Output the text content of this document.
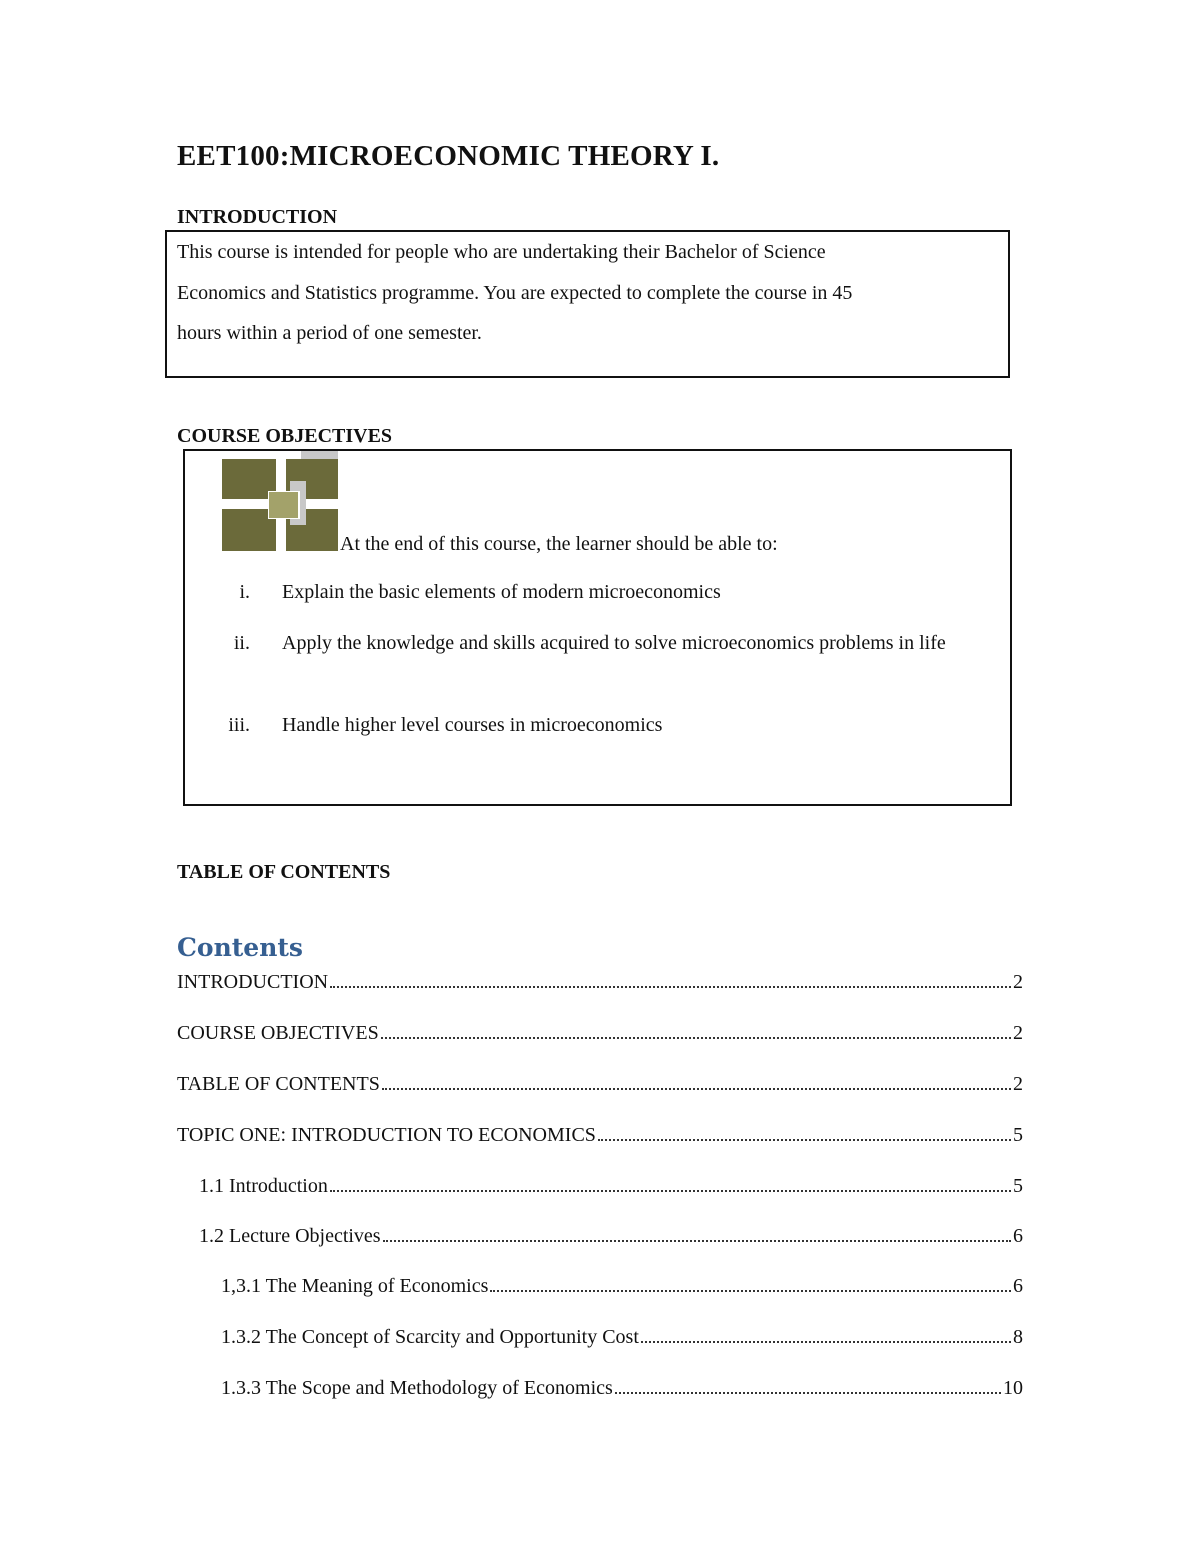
EET100:MICROECONOMIC THEORY I.
INTRODUCTION
This course is intended for people who are undertaking their Bachelor of Science
Economics and Statistics programme. You are expected to complete the course in 45
hours within a period of one semester.
COURSE OBJECTIVES
At the end of this course, the learner should be able to:
i. Explain the basic elements of modern microeconomics
ii. Apply the knowledge and skills acquired to solve microeconomics problems in life
iii. Handle higher level courses in microeconomics
TABLE OF CONTENTS
Contents
INTRODUCTION	2
COURSE OBJECTIVES	2
TABLE OF CONTENTS	2
TOPIC ONE: INTRODUCTION TO ECONOMICS	5
1.1 Introduction	5
1.2 Lecture Objectives	6
1,3.1 The Meaning of Economics	6
1.3.2 The Concept of Scarcity and Opportunity Cost	8
1.3.3 The Scope and Methodology of Economics	10
